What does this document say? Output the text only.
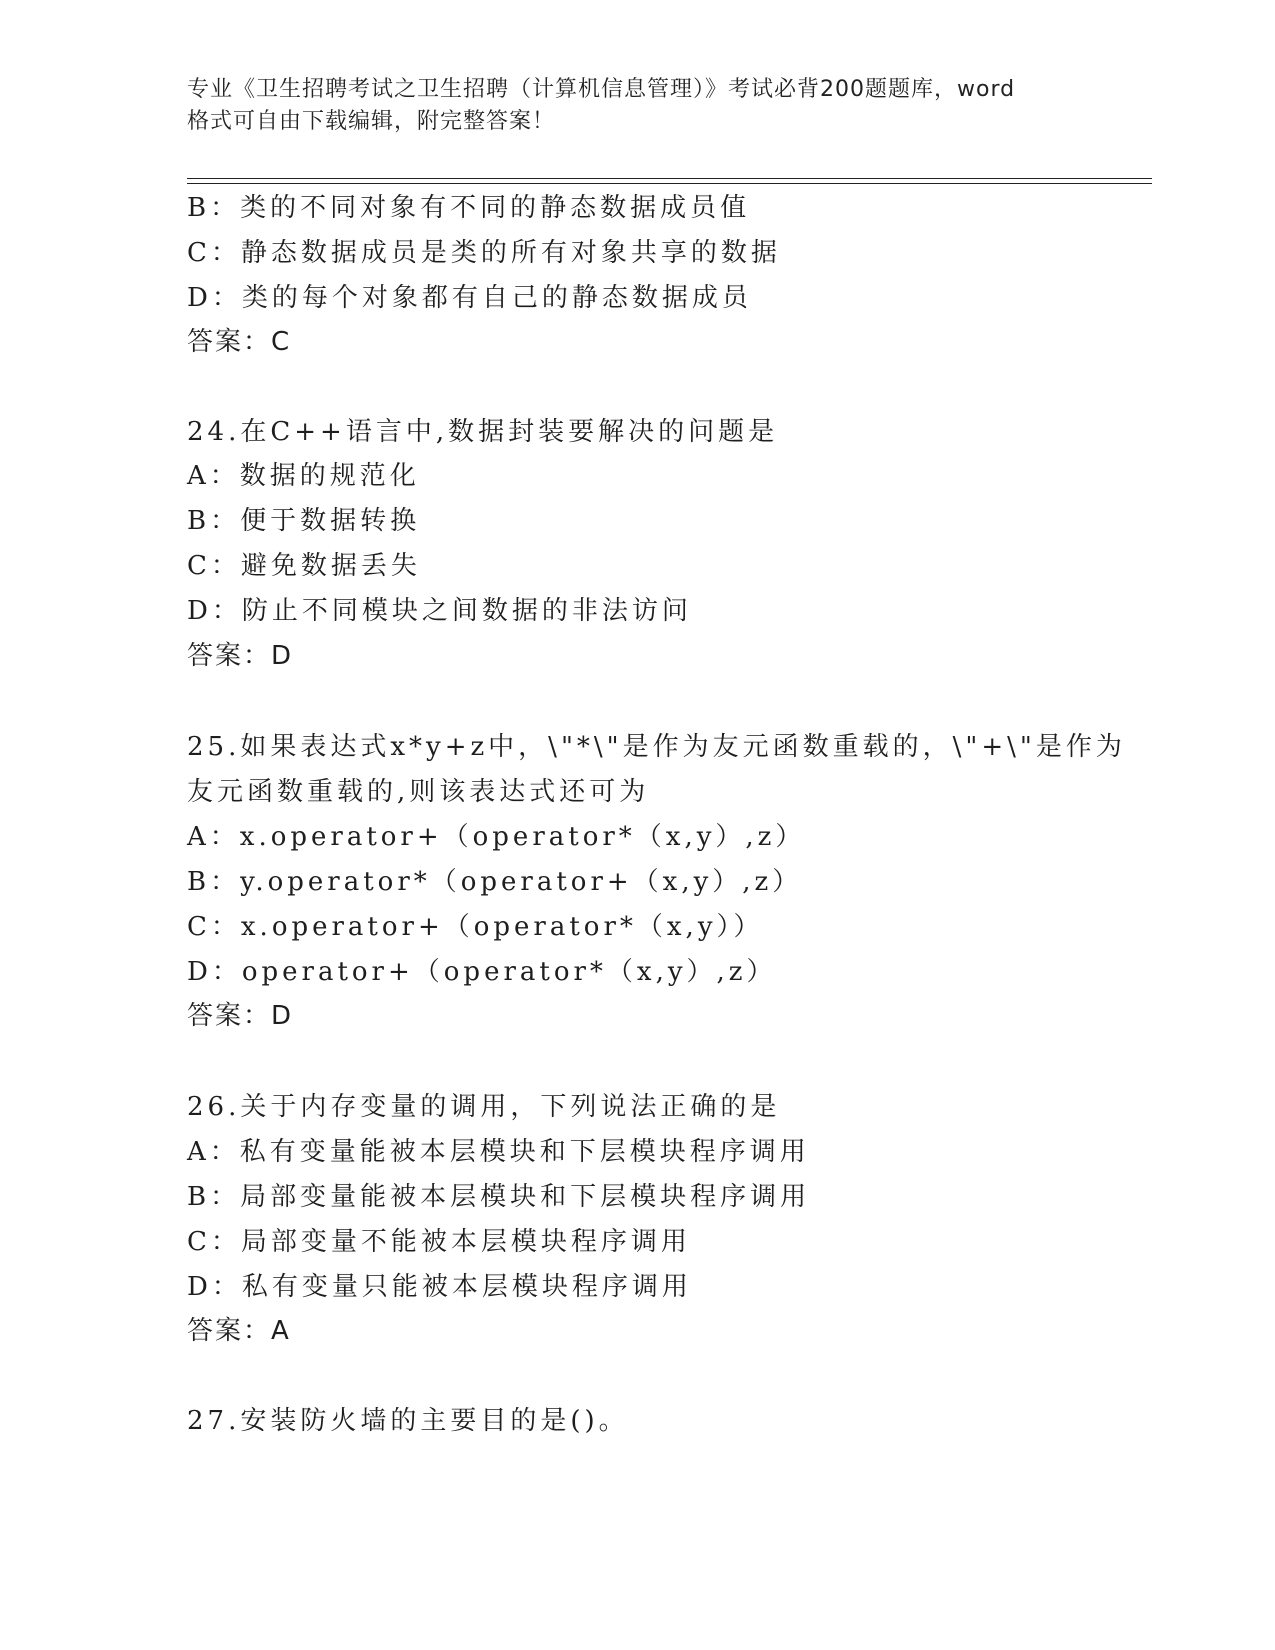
专业《卫生招聘考试之卫生招聘（计算机信息管理）》考试必背200题题库，word
格式可自由下载编辑，附完整答案！
B：类的不同对象有不同的静态数据成员值
C：静态数据成员是类的所有对象共享的数据
D：类的每个对象都有自己的静态数据成员
答案：C
24.在C++语言中,数据封装要解决的问题是
A：数据的规范化
B：便于数据转换
C：避免数据丢失
D：防止不同模块之间数据的非法访问
答案：D
25.如果表达式x*y+z中，\"*\"是作为友元函数重载的，\"+\"是作为
友元函数重载的,则该表达式还可为
A：x.operator+（operator*（x,y）,z）
B：y.operator*（operator+（x,y）,z）
C：x.operator+（operator*（x,y））
D：operator+（operator*（x,y）,z）
答案：D
26.关于内存变量的调用，下列说法正确的是
A：私有变量能被本层模块和下层模块程序调用
B：局部变量能被本层模块和下层模块程序调用
C：局部变量不能被本层模块程序调用
D：私有变量只能被本层模块程序调用
答案：A
27.安装防火墙的主要目的是()。
